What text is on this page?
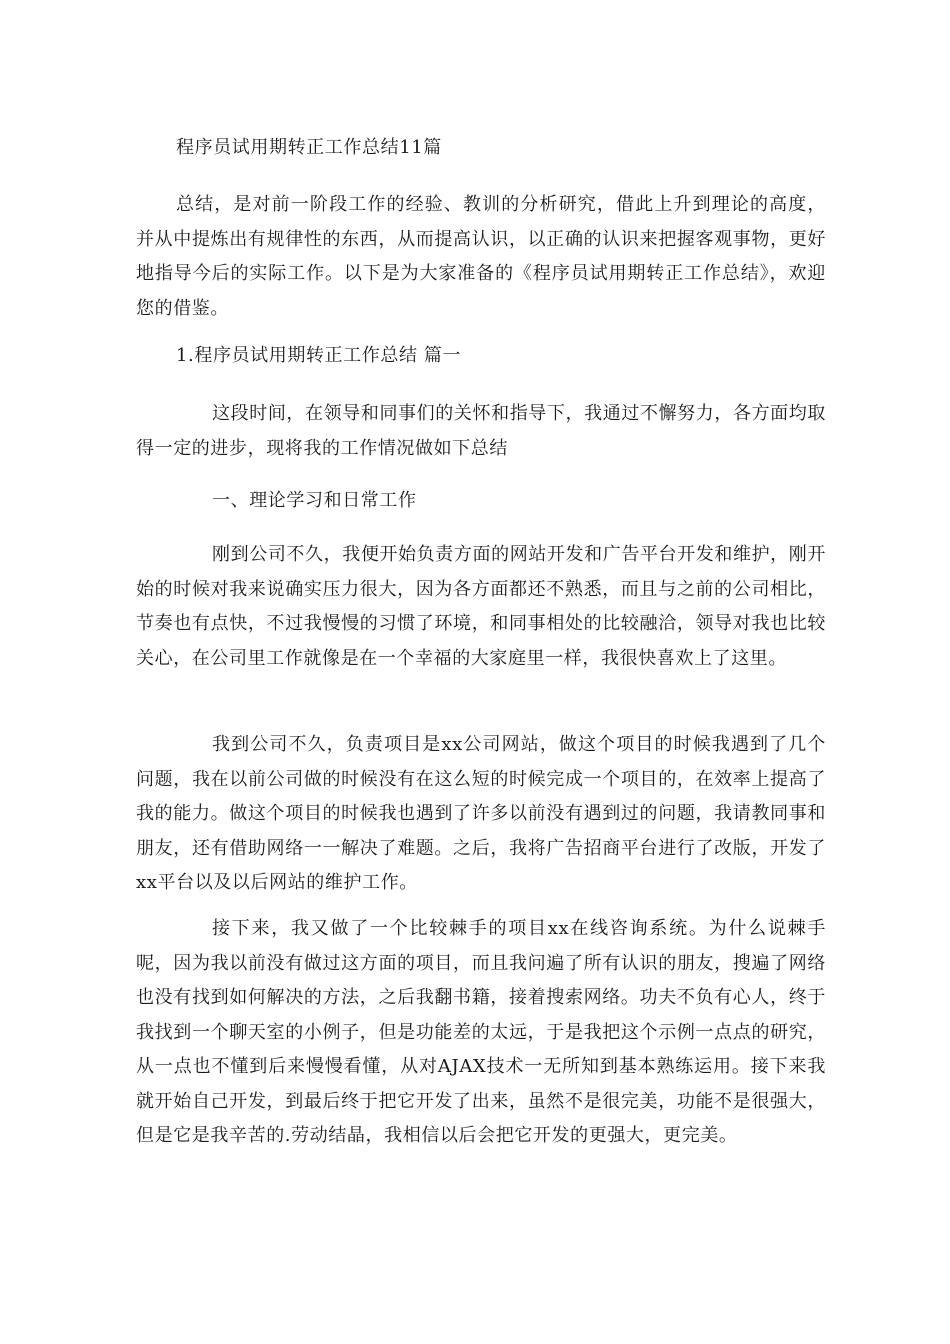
程序员试用期转正工作总结11篇

总结，是对前一阶段工作的经验、教训的分析研究，借此上升到理论的高度，并从中提炼出有规律性的东西，从而提高认识，以正确的认识来把握客观事物，更好地指导今后的实际工作。以下是为大家准备的《程序员试用期转正工作总结》，欢迎您的借鉴。

1.程序员试用期转正工作总结 篇一

这段时间，在领导和同事们的关怀和指导下，我通过不懈努力，各方面均取得一定的进步，现将我的工作情况做如下总结

一、理论学习和日常工作

刚到公司不久，我便开始负责方面的网站开发和广告平台开发和维护，刚开始的时候对我来说确实压力很大，因为各方面都还不熟悉，而且与之前的公司相比，节奏也有点快，不过我慢慢的习惯了环境，和同事相处的比较融洽，领导对我也比较关心，在公司里工作就像是在一个幸福的大家庭里一样，我很快喜欢上了这里。

我到公司不久，负责项目是xx公司网站，做这个项目的时候我遇到了几个问题，我在以前公司做的时候没有在这么短的时候完成一个项目的，在效率上提高了我的能力。做这个项目的时候我也遇到了许多以前没有遇到过的问题，我请教同事和朋友，还有借助网络一一解决了难题。之后，我将广告招商平台进行了改版，开发了xx平台以及以后网站的维护工作。

接下来，我又做了一个比较棘手的项目xx在线咨询系统。为什么说棘手呢，因为我以前没有做过这方面的项目，而且我问遍了所有认识的朋友，搜遍了网络也没有找到如何解决的方法，之后我翻书籍，接着搜索网络。功夫不负有心人，终于我找到一个聊天室的小例子，但是功能差的太远，于是我把这个示例一点点的研究，从一点也不懂到后来慢慢看懂，从对AJAX技术一无所知到基本熟练运用。接下来我就开始自己开发，到最后终于把它开发了出来，虽然不是很完美，功能不是很强大，但是它是我辛苦的.劳动结晶，我相信以后会把它开发的更强大，更完美。
